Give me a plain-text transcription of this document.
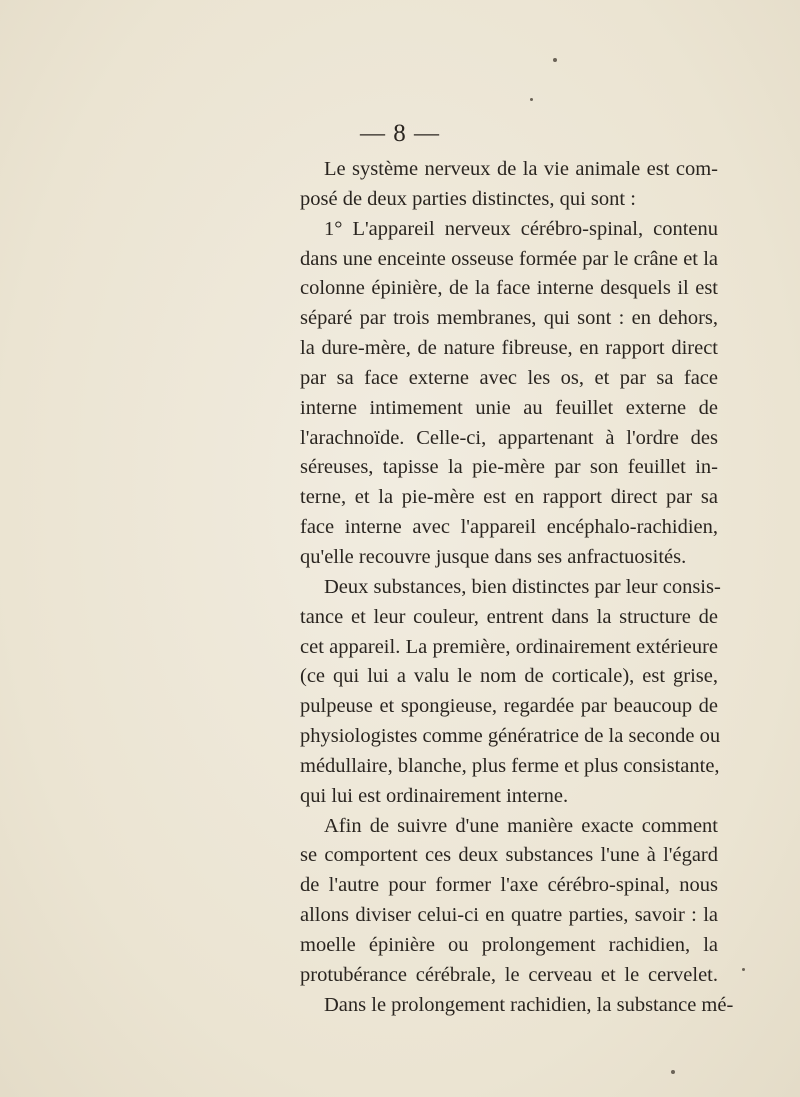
— 8 —
Le système nerveux de la vie animale est com-
posé de deux parties distinctes, qui sont :
1° L'appareil nerveux cérébro-spinal, contenu
dans une enceinte osseuse formée par le crâne et la
colonne épinière, de la face interne desquels il est
séparé par trois membranes, qui sont : en dehors,
la dure-mère, de nature fibreuse, en rapport direct
par sa face externe avec les os, et par sa face
interne intimement unie au feuillet externe de
l'arachnoïde. Celle-ci, appartenant à l'ordre des
séreuses, tapisse la pie-mère par son feuillet in-
terne, et la pie-mère est en rapport direct par sa
face interne avec l'appareil encéphalo-rachidien,
qu'elle recouvre jusque dans ses anfractuosités.
Deux substances, bien distinctes par leur consis-
tance et leur couleur, entrent dans la structure de
cet appareil. La première, ordinairement extérieure
(ce qui lui a valu le nom de corticale), est grise,
pulpeuse et spongieuse, regardée par beaucoup de
physiologistes comme génératrice de la seconde ou
médullaire, blanche, plus ferme et plus consistante,
qui lui est ordinairement interne.
Afin de suivre d'une manière exacte comment
se comportent ces deux substances l'une à l'égard
de l'autre pour former l'axe cérébro-spinal, nous
allons diviser celui-ci en quatre parties, savoir : la
moelle épinière ou prolongement rachidien, la
protubérance cérébrale, le cerveau et le cervelet.
Dans le prolongement rachidien, la substance mé-
